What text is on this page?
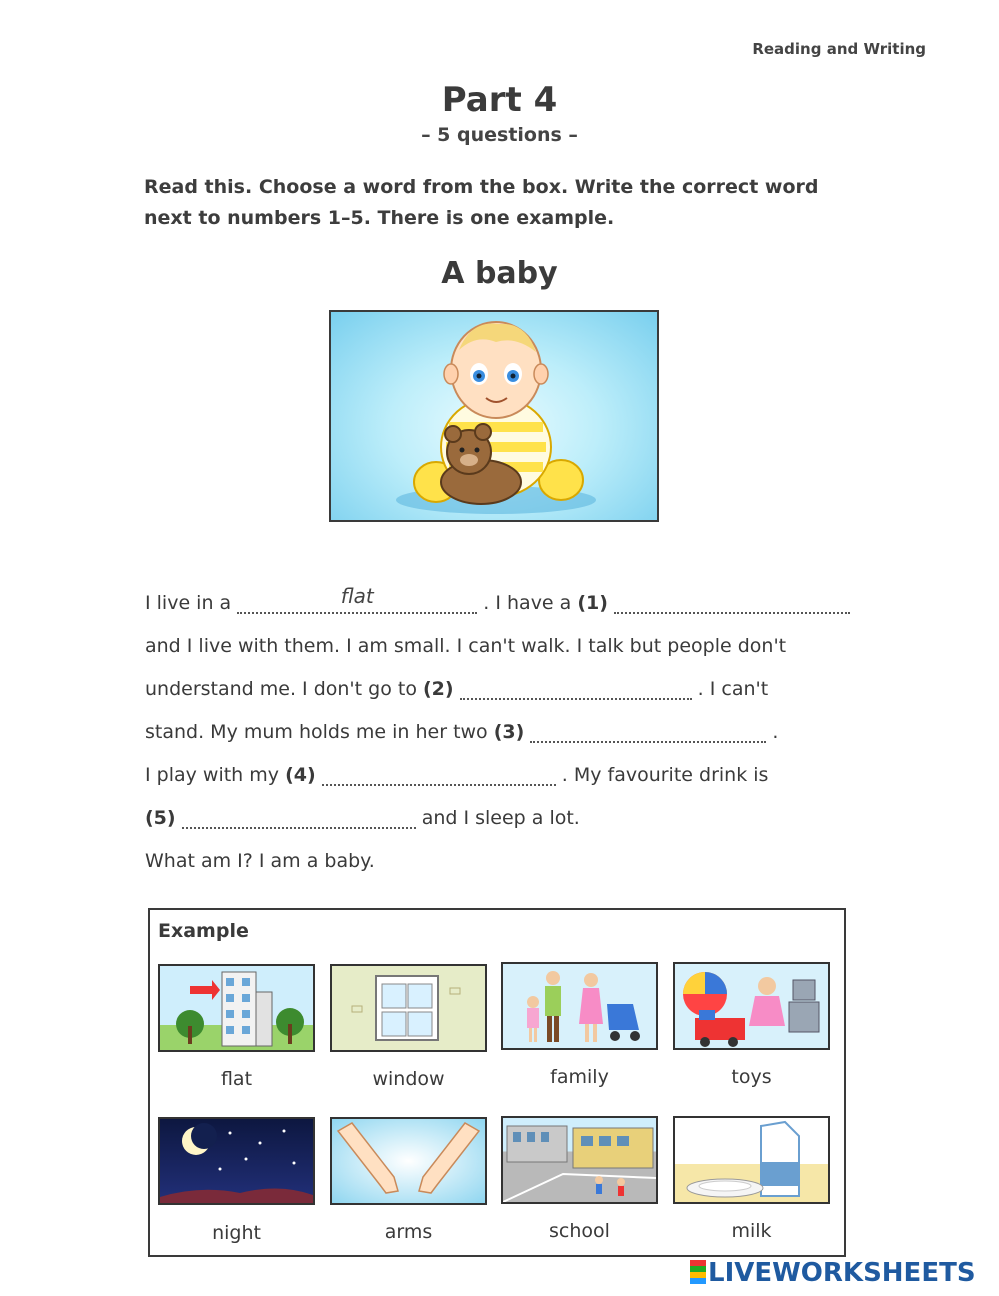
Reading and Writing
Part 4
– 5 questions –
Read this. Choose a word from the box. Write the correct word next to numbers 1–5. There is one example.
A baby
I live in a	flat	. I have a (1)
and I live with them. I am small. I can't walk. I talk but people don't
understand me. I don't go to (2)	. I can't
stand. My mum holds me in her two (3)	.
I play with my (4)	. My favourite drink is
(5)	and I sleep a lot.
What am I? I am a baby.
Example
flat	window	family	toys
night	arms	school	milk
LIVEWORKSHEETS
